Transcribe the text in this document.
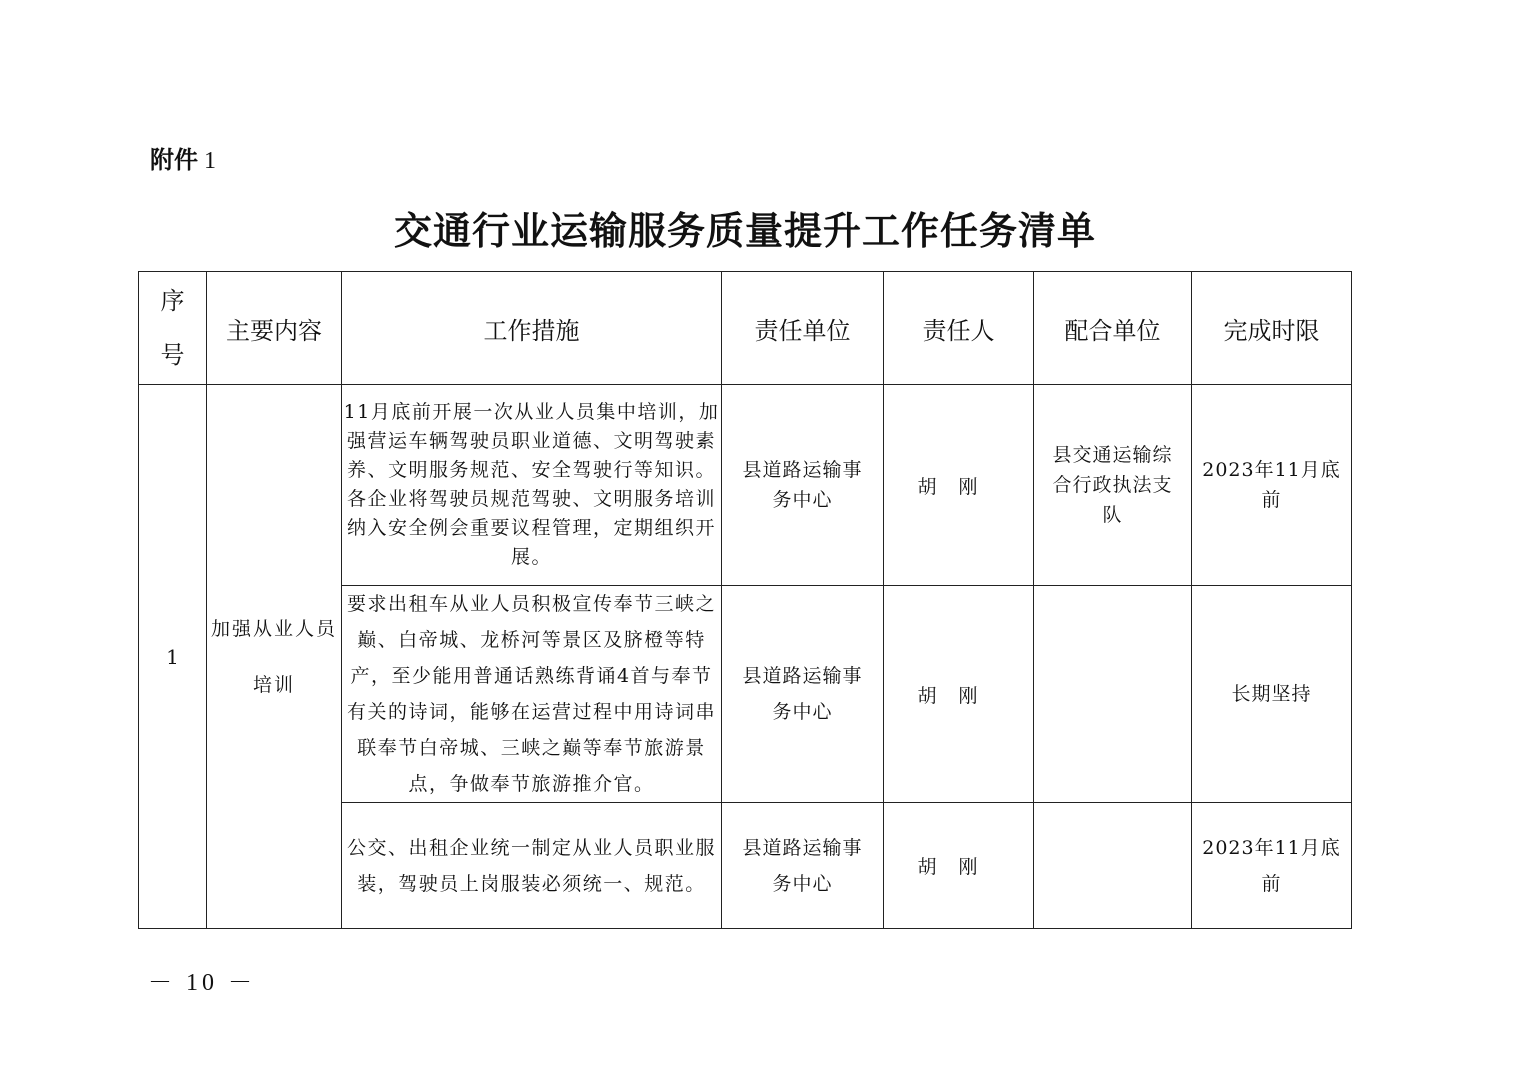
附件 1
交通行业运输服务质量提升工作任务清单
序
号	主要内容	工作措施	责任单位	责任人	配合单位	完成时限
1	加强从业人员培训	11月底前开展一次从业人员集中培训，加强营运车辆驾驶员职业道德、文明驾驶素养、文明服务规范、安全驾驶行等知识。各企业将驾驶员规范驾驶、文明服务培训纳入安全例会重要议程管理，定期组织开展。	县道路运输事务中心	胡刚	县交通运输综合行政执法支队	2023年11月底前
		要求出租车从业人员积极宣传奉节三峡之巅、白帝城、龙桥河等景区及脐橙等特产，至少能用普通话熟练背诵4首与奉节有关的诗词，能够在运营过程中用诗词串联奉节白帝城、三峡之巅等奉节旅游景点，争做奉节旅游推介官。	县道路运输事务中心	胡刚		长期坚持
		公交、出租企业统一制定从业人员职业服装，驾驶员上岗服装必须统一、规范。	县道路运输事务中心	胡刚		2023年11月底前
－ 10 －
